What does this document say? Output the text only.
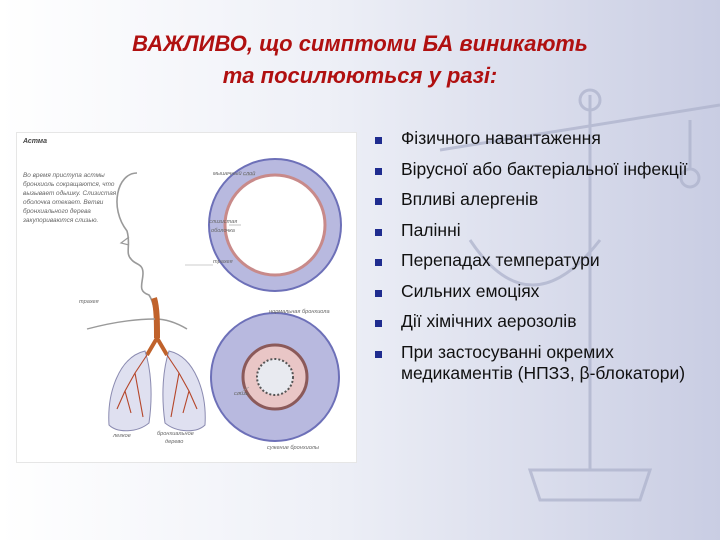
ВАЖЛИВО, що симптоми БА виникають
та посилюються у разі:
Астма
Во время приступа астмы бронхиоль сокращаются, что вызывает одышку. Слизистая оболочка отекает. Ветви бронхиального дерева закупориваются слизью.
мышечный слой
слизистая
оболочка
трахея
трахея
нормальная бронхиола
слизь
легкое	бронхиальное
дерево
сужение бронхиолы
Фізичного навантаження
Вірусної або бактеріальної інфекції
Впливі алергенів
Палінні
Перепадах температури
Сильних емоціях
Дії хімічних аерозолів
При застосуванні окремих медикаментів (НПЗЗ, β-блокатори)
